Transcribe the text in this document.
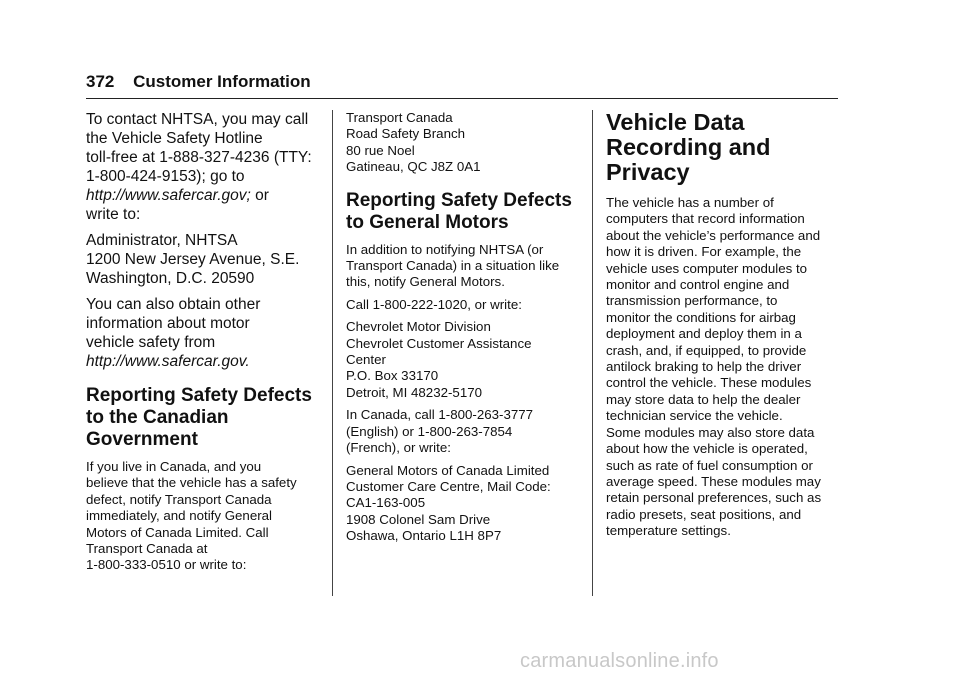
372 Customer Information

To contact NHTSA, you may call
the Vehicle Safety Hotline
toll-free at 1-888-327-4236 (TTY:
1-800-424-9153); go to
http://www.safercar.gov; or
write to:

Administrator, NHTSA
1200 New Jersey Avenue, S.E.
Washington, D.C. 20590

You can also obtain other
information about motor
vehicle safety from
http://www.safercar.gov.

Reporting Safety Defects
to the Canadian
Government

If you live in Canada, and you
believe that the vehicle has a safety
defect, notify Transport Canada
immediately, and notify General
Motors of Canada Limited. Call
Transport Canada at
1-800-333-0510 or write to:

Transport Canada
Road Safety Branch
80 rue Noel
Gatineau, QC J8Z 0A1

Reporting Safety Defects
to General Motors

In addition to notifying NHTSA (or
Transport Canada) in a situation like
this, notify General Motors.

Call 1-800-222-1020, or write:

Chevrolet Motor Division
Chevrolet Customer Assistance
Center
P.O. Box 33170
Detroit, MI 48232-5170

In Canada, call 1-800-263-3777
(English) or 1-800-263-7854
(French), or write:

General Motors of Canada Limited
Customer Care Centre, Mail Code:
CA1-163-005
1908 Colonel Sam Drive
Oshawa, Ontario L1H 8P7

Vehicle Data
Recording and
Privacy

The vehicle has a number of
computers that record information
about the vehicle’s performance and
how it is driven. For example, the
vehicle uses computer modules to
monitor and control engine and
transmission performance, to
monitor the conditions for airbag
deployment and deploy them in a
crash, and, if equipped, to provide
antilock braking to help the driver
control the vehicle. These modules
may store data to help the dealer
technician service the vehicle.
Some modules may also store data
about how the vehicle is operated,
such as rate of fuel consumption or
average speed. These modules may
retain personal preferences, such as
radio presets, seat positions, and
temperature settings.

carmanualsonline.info
